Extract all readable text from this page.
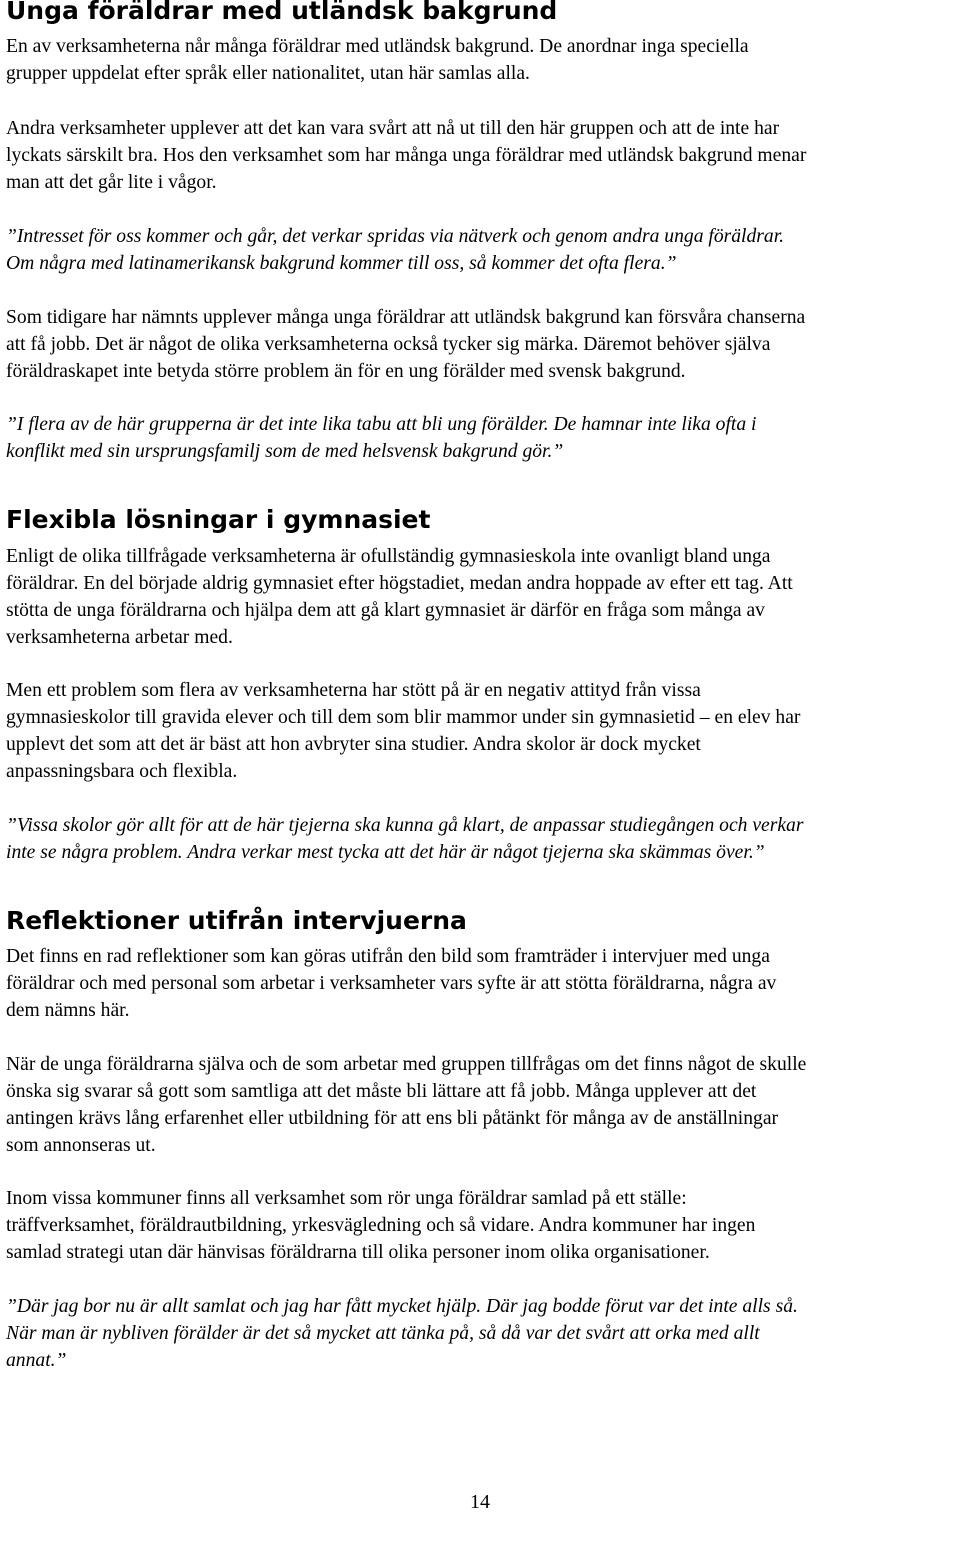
Unga föräldrar med utländsk bakgrund
En av verksamheterna når många föräldrar med utländsk bakgrund. De anordnar inga speciella
grupper uppdelat efter språk eller nationalitet, utan här samlas alla.
Andra verksamheter upplever att det kan vara svårt att nå ut till den här gruppen och att de inte har
lyckats särskilt bra. Hos den verksamhet som har många unga föräldrar med utländsk bakgrund menar
man att det går lite i vågor.
”Intresset för oss kommer och går, det verkar spridas via nätverk och genom andra unga föräldrar.
Om några med latinamerikansk bakgrund kommer till oss, så kommer det ofta flera.”
Som tidigare har nämnts upplever många unga föräldrar att utländsk bakgrund kan försvåra chanserna
att få jobb. Det är något de olika verksamheterna också tycker sig märka. Däremot behöver själva
föräldraskapet inte betyda större problem än för en ung förälder med svensk bakgrund.
”I flera av de här grupperna är det inte lika tabu att bli ung förälder. De hamnar inte lika ofta i
konflikt med sin ursprungsfamilj som de med helsvensk bakgrund gör.”
Flexibla lösningar i gymnasiet
Enligt de olika tillfrågade verksamheterna är ofullständig gymnasieskola inte ovanligt bland unga
föräldrar. En del började aldrig gymnasiet efter högstadiet, medan andra hoppade av efter ett tag. Att
stötta de unga föräldrarna och hjälpa dem att gå klart gymnasiet är därför en fråga som många av
verksamheterna arbetar med.
Men ett problem som flera av verksamheterna har stött på är en negativ attityd från vissa
gymnasieskolor till gravida elever och till dem som blir mammor under sin gymnasietid – en elev har
upplevt det som att det är bäst att hon avbryter sina studier. Andra skolor är dock mycket
anpassningsbara och flexibla.
”Vissa skolor gör allt för att de här tjejerna ska kunna gå klart, de anpassar studiegången och verkar
inte se några problem. Andra verkar mest tycka att det här är något tjejerna ska skämmas över.”
Reflektioner utifrån intervjuerna
Det finns en rad reflektioner som kan göras utifrån den bild som framträder i intervjuer med unga
föräldrar och med personal som arbetar i verksamheter vars syfte är att stötta föräldrarna, några av
dem nämns här.
När de unga föräldrarna själva och de som arbetar med gruppen tillfrågas om det finns något de skulle
önska sig svarar så gott som samtliga att det måste bli lättare att få jobb. Många upplever att det
antingen krävs lång erfarenhet eller utbildning för att ens bli påtänkt för många av de anställningar
som annonseras ut.
Inom vissa kommuner finns all verksamhet som rör unga föräldrar samlad på ett ställe:
träffverksamhet, föräldrautbildning, yrkesvägledning och så vidare. Andra kommuner har ingen
samlad strategi utan där hänvisas föräldrarna till olika personer inom olika organisationer.
”Där jag bor nu är allt samlat och jag har fått mycket hjälp. Där jag bodde förut var det inte alls så.
När man är nybliven förälder är det så mycket att tänka på, så då var det svårt att orka med allt
annat.”
14
